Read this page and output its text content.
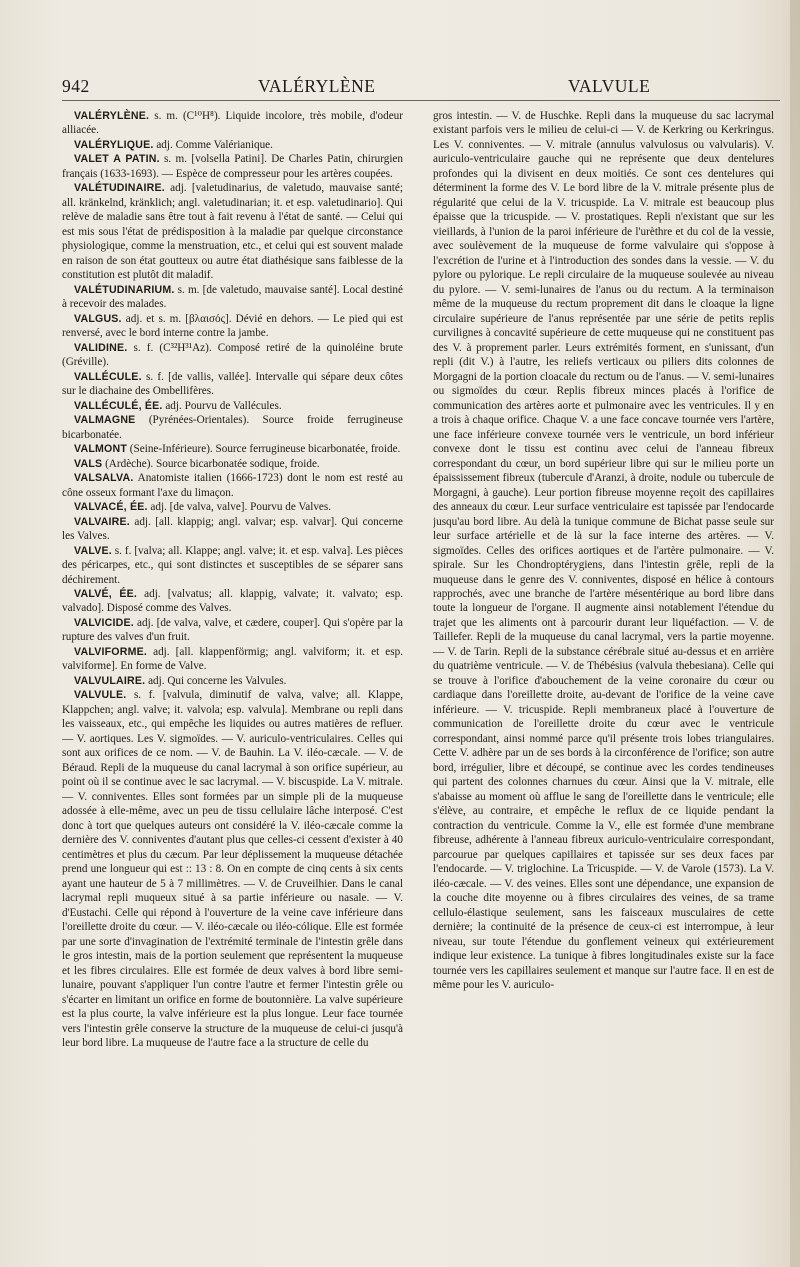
942	VALÉRYLÈNE	VALVULE

VALÉRYLÈNE. s. m. (C¹⁰H⁸). Liquide incolore, très mobile, d'odeur alliacée.

VALÉRYLIQUE. adj. Comme Valérianique.

VALET A PATIN. s. m. [volsella Patini]. De Charles Patin, chirurgien français (1633-1693). — Espèce de compresseur pour les artères coupées.

VALÉTUDINAIRE. adj. [valetudinarius, de valetudo, mauvaise santé; all. kränkelnd, kränklich; angl. valetudinarian; it. et esp. valetudinario]. Qui relève de maladie sans être tout à fait revenu à l'état de santé. — Celui qui est mis sous l'état de prédisposition à la maladie par quelque circonstance physiologique, comme la menstruation, etc., et celui qui est souvent malade en raison de son état goutteux ou autre état diathésique sans faiblesse de la constitution est plutôt dit maladif.

VALÉTUDINARIUM. s. m. [de valetudo, mauvaise santé]. Local destiné à recevoir des malades.

VALGUS. adj. et s. m. [βλαισός]. Dévié en dehors. — Le pied qui est renversé, avec le bord interne contre la jambe.

VALIDINE. s. f. (C³²H³¹Az). Composé retiré de la quinoléine brute (Gréville).

VALLÉCULE. s. f. [de vallis, vallée]. Intervalle qui sépare deux côtes sur le diachaine des Ombellifères.

VALLÉCULÉ, ÉE. adj. Pourvu de Vallécules.

VALMAGNE (Pyrénées-Orientales). Source froide ferrugineuse bicarbonatée.

VALMONT (Seine-Inférieure). Source ferrugineuse bicarbonatée, froide.

VALS (Ardèche). Source bicarbonatée sodique, froide.

VALSALVA. Anatomiste italien (1666-1723) dont le nom est resté au cône osseux formant l'axe du limaçon.

VALVACÉ, ÉE. adj. [de valva, valve]. Pourvu de Valves.

VALVAIRE. adj. [all. klappig; angl. valvar; esp. valvar]. Qui concerne les Valves.

VALVE. s. f. [valva; all. Klappe; angl. valve; it. et esp. valva]. Les pièces des péricarpes, etc., qui sont distinctes et susceptibles de se séparer sans déchirement.

VALVÉ, ÉE. adj. [valvatus; all. klappig, valvate; it. valvato; esp. valvado]. Disposé comme des Valves.

VALVICIDE. adj. [de valva, valve, et cædere, couper]. Qui s'opère par la rupture des valves d'un fruit.

VALVIFORME. adj. [all. klappenförmig; angl. valviform; it. et esp. valviforme]. En forme de Valve.

VALVULAIRE. adj. Qui concerne les Valvules.

VALVULE. s. f. [valvula, diminutif de valva, valve; all. Klappe, Klappchen; angl. valve; it. valvola; esp. valvula]. Membrane ou repli dans les vaisseaux, etc., qui empêche les liquides ou autres matières de refluer. — V. aortiques. Les V. sigmoïdes. — V. auriculo-ventriculaires. Celles qui sont aux orifices de ce nom. — V. de Bauhin. La V. iléo-cæcale. — V. de Béraud. Repli de la muqueuse du canal lacrymal à son orifice supérieur, au point où il se continue avec le sac lacrymal. — V. biscuspide. La V. mitrale. — V. conniventes. Elles sont formées par un simple pli de la muqueuse adossée à elle-même, avec un peu de tissu cellulaire lâche interposé. C'est donc à tort que quelques auteurs ont considéré la V. iléo-cæcale comme la dernière des V. conniventes d'autant plus que celles-ci cessent d'exister à 40 centimètres et plus du cæcum. Par leur déplissement la muqueuse détachée prend une longueur qui est :: 13 : 8. On en compte de cinq cents à six cents ayant une hauteur de 5 à 7 millimètres. — V. de Cruveilhier. Dans le canal lacrymal repli muqueux situé à sa partie inférieure ou nasale. — V. d'Eustachi. Celle qui répond à l'ouverture de la veine cave inférieure dans l'oreillette droite du cœur. — V. iléo-cæcale ou iléo-cólique. Elle est formée par une sorte d'invagination de l'extrémité terminale de l'intestin grêle dans le gros intestin, mais de la portion seulement que représentent la muqueuse et les fibres circulaires. Elle est formée de deux valves à bord libre semi-lunaire, pouvant s'appliquer l'un contre l'autre et fermer l'intestin grêle ou s'écarter en limitant un orifice en forme de boutonnière. La valve supérieure est la plus courte, la valve inférieure est la plus longue. Leur face tournée vers l'intestin grêle conserve la structure de la muqueuse de celui-ci jusqu'à leur bord libre. La muqueuse de l'autre face a la structure de celle du

gros intestin. — V. de Huschke. Repli dans la muqueuse du sac lacrymal existant parfois vers le milieu de celui-ci — V. de Kerkring ou Kerkringus. Les V. conniventes. — V. mitrale (annulus valvulosus ou valvularis). V. auriculo-ventriculaire gauche qui ne représente que deux dentelures profondes qui la divisent en deux moitiés. Ce sont ces dentelures qui déterminent la forme des V. Le bord libre de la V. mitrale présente plus de régularité que celui de la V. tricuspide. La V. mitrale est beaucoup plus épaisse que la tricuspide. — V. prostatiques. Repli n'existant que sur les vieillards, à l'union de la paroi inférieure de l'urèthre et du col de la vessie, avec soulèvement de la muqueuse de forme valvulaire qui s'oppose à l'excrétion de l'urine et à l'introduction des sondes dans la vessie. — V. du pylore ou pylorique. Le repli circulaire de la muqueuse soulevée au niveau du pylore. — V. semi-lunaires de l'anus ou du rectum. A la terminaison même de la muqueuse du rectum proprement dit dans le cloaque la ligne circulaire supérieure de l'anus représentée par une série de petits replis curvilignes à concavité supérieure de cette muqueuse qui ne constituent pas des V. à proprement parler. Leurs extrémités forment, en s'unissant, d'un repli (dit V.) à l'autre, les reliefs verticaux ou piliers dits colonnes de Morgagni de la portion cloacale du rectum ou de l'anus. — V. semi-lunaires ou sigmoïdes du cœur. Replis fibreux minces placés à l'orifice de communication des artères aorte et pulmonaire avec les ventricules. Il y en a trois à chaque orifice. Chaque V. a une face concave tournée vers l'artère, une face inférieure convexe tournée vers le ventricule, un bord inférieur convexe dont le tissu est continu avec celui de l'anneau fibreux correspondant du cœur, un bord supérieur libre qui sur le milieu porte un épaississement fibreux (tubercule d'Aranzi, à droite, nodule ou tubercule de Morgagni, à gauche). Leur portion fibreuse moyenne reçoit des capillaires des anneaux du cœur. Leur surface ventriculaire est tapissée par l'endocarde jusqu'au bord libre. Au delà la tunique commune de Bichat passe seule sur leur surface artérielle et de là sur la face interne des artères. — V. sigmoïdes. Celles des orifices aortiques et de l'artère pulmonaire. — V. spirale. Sur les Chondroptérygiens, dans l'intestin grêle, repli de la muqueuse dans le genre des V. conniventes, disposé en hélice à contours rapprochés, avec une branche de l'artère mésentérique au bord libre dans toute la longueur de l'organe. Il augmente ainsi notablement l'étendue du trajet que les aliments ont à parcourir durant leur liquéfaction. — V. de Taillefer. Repli de la muqueuse du canal lacrymal, vers la partie moyenne. — V. de Tarin. Repli de la substance cérébrale situé au-dessus et en arrière du quatrième ventricule. — V. de Thébésius (valvula thebesiana). Celle qui se trouve à l'orifice d'abouchement de la veine coronaire du cœur ou cardiaque dans l'oreillette droite, au-devant de l'orifice de la veine cave inférieure. — V. tricuspide. Repli membraneux placé à l'ouverture de communication de l'oreillette droite du cœur avec le ventricule correspondant, ainsi nommé parce qu'il présente trois lobes triangulaires. Cette V. adhère par un de ses bords à la circonférence de l'orifice; son autre bord, irrégulier, libre et découpé, se continue avec les cordes tendineuses qui partent des colonnes charnues du cœur. Ainsi que la V. mitrale, elle s'abaisse au moment où afflue le sang de l'oreillette dans le ventricule; elle s'élève, au contraire, et empêche le reflux de ce liquide pendant la contraction du ventricule. Comme la V., elle est formée d'une membrane fibreuse, adhérente à l'anneau fibreux auriculo-ventriculaire correspondant, parcourue par quelques capillaires et tapissée sur ses deux faces par l'endocarde. — V. triglochine. La Tricuspide. — V. de Varole (1573). La V. iléo-cæcale. — V. des veines. Elles sont une dépendance, une expansion de la couche dite moyenne ou à fibres circulaires des veines, de sa trame cellulo-élastique seulement, sans les faisceaux musculaires de cette dernière; la continuité de la présence de ceux-ci est interrompue, à leur niveau, sur toute l'étendue du gonflement veineux qui extérieurement indique leur existence. La tunique à fibres longitudinales existe sur la face tournée vers les capillaires seulement et manque sur l'autre face. Il en est de même pour les V. auriculo-
